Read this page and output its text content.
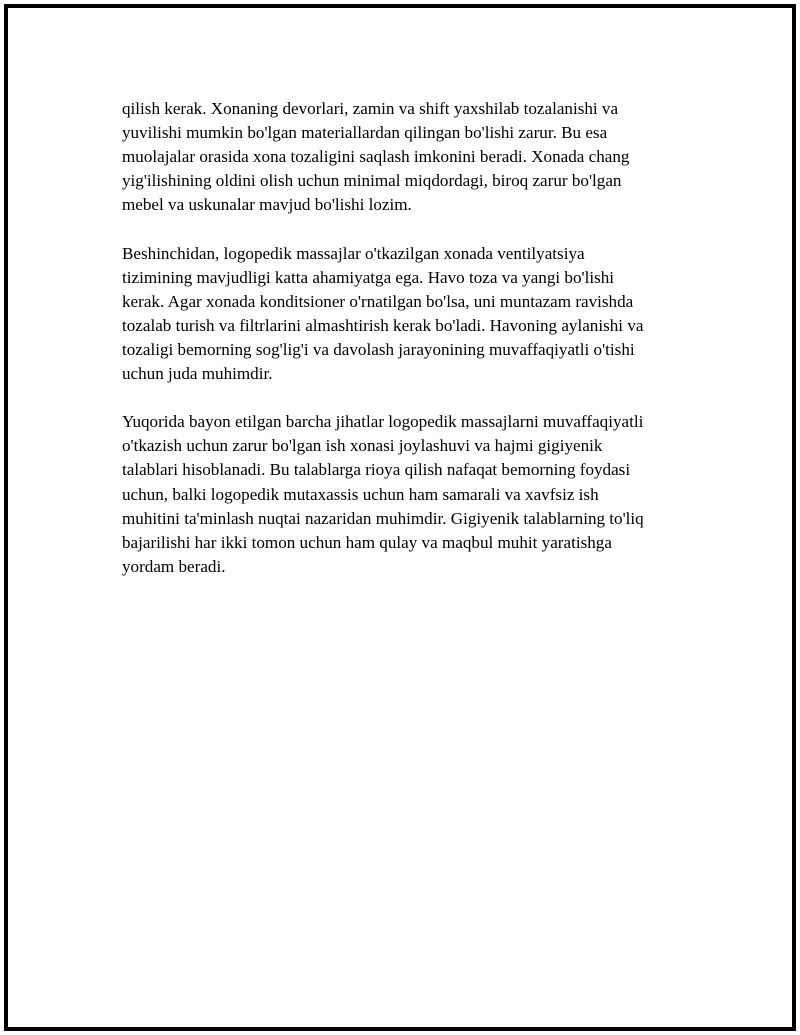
qilish kerak. Xonaning devorlari, zamin va shift yaxshilab tozalanishi va
yuvilishi mumkin bo'lgan materiallardan qilingan bo'lishi zarur. Bu esa
muolajalar orasida xona tozaligini saqlash imkonini beradi. Xonada chang
yig'ilishining oldini olish uchun minimal miqdordagi, biroq zarur bo'lgan
mebel va uskunalar mavjud bo'lishi lozim.

Beshinchidan, logopedik massajlar o'tkazilgan xonada ventilyatsiya
tizimining mavjudligi katta ahamiyatga ega. Havo toza va yangi bo'lishi
kerak. Agar xonada konditsioner o'rnatilgan bo'lsa, uni muntazam ravishda
tozalab turish va filtrlarini almashtirish kerak bo'ladi. Havoning aylanishi va
tozaligi bemorning sog'lig'i va davolash jarayonining muvaffaqiyatli o'tishi
uchun juda muhimdir.

Yuqorida bayon etilgan barcha jihatlar logopedik massajlarni muvaffaqiyatli
o'tkazish uchun zarur bo'lgan ish xonasi joylashuvi va hajmi gigiyenik
talablari hisoblanadi. Bu talablarga rioya qilish nafaqat bemorning foydasi
uchun, balki logopedik mutaxassis uchun ham samarali va xavfsiz ish
muhitini ta'minlash nuqtai nazaridan muhimdir. Gigiyenik talablarning to'liq
bajarilishi har ikki tomon uchun ham qulay va maqbul muhit yaratishga
yordam beradi.
